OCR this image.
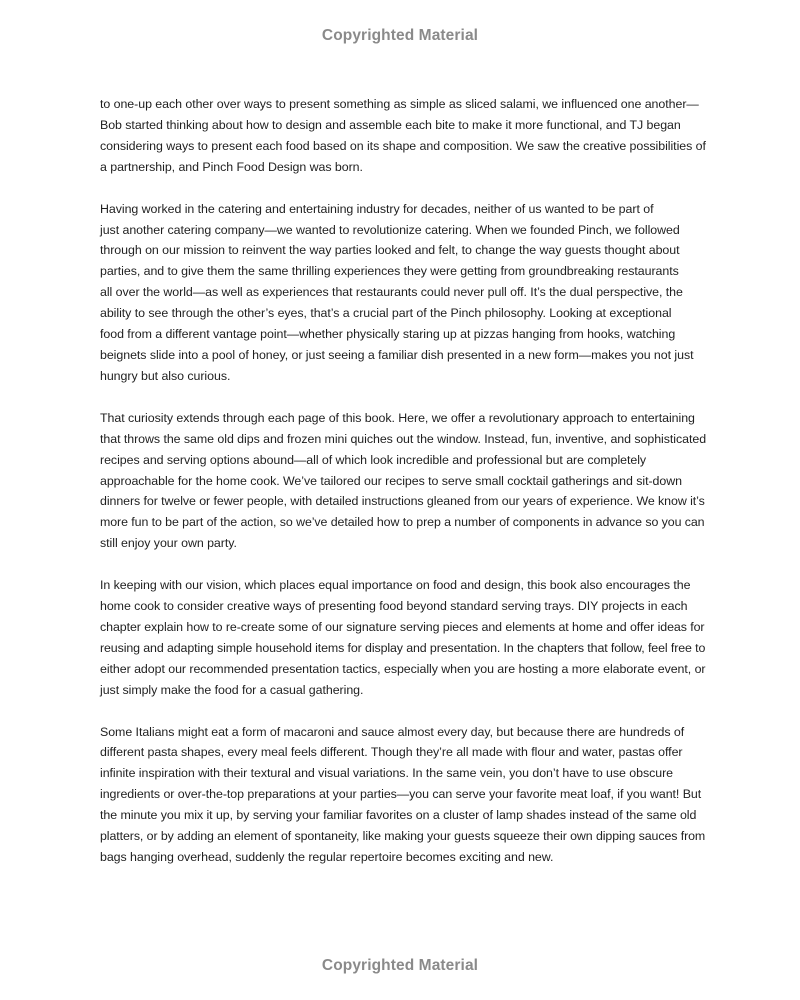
Copyrighted Material

to one-up each other over ways to present something as simple as sliced salami, we influenced one another—
Bob started thinking about how to design and assemble each bite to make it more functional, and TJ began
considering ways to present each food based on its shape and composition. We saw the creative possibilities of
a partnership, and Pinch Food Design was born.

Having worked in the catering and entertaining industry for decades, neither of us wanted to be part of
just another catering company—we wanted to revolutionize catering. When we founded Pinch, we followed
through on our mission to reinvent the way parties looked and felt, to change the way guests thought about
parties, and to give them the same thrilling experiences they were getting from groundbreaking restaurants
all over the world—as well as experiences that restaurants could never pull off. It’s the dual perspective, the
ability to see through the other’s eyes, that’s a crucial part of the Pinch philosophy. Looking at exceptional
food from a different vantage point—whether physically staring up at pizzas hanging from hooks, watching
beignets slide into a pool of honey, or just seeing a familiar dish presented in a new form—makes you not just
hungry but also curious.

That curiosity extends through each page of this book. Here, we offer a revolutionary approach to entertaining
that throws the same old dips and frozen mini quiches out the window. Instead, fun, inventive, and sophisticated
recipes and serving options abound—all of which look incredible and professional but are completely
approachable for the home cook. We’ve tailored our recipes to serve small cocktail gatherings and sit-down
dinners for twelve or fewer people, with detailed instructions gleaned from our years of experience. We know it’s
more fun to be part of the action, so we’ve detailed how to prep a number of components in advance so you can
still enjoy your own party.

In keeping with our vision, which places equal importance on food and design, this book also encourages the
home cook to consider creative ways of presenting food beyond standard serving trays. DIY projects in each
chapter explain how to re-create some of our signature serving pieces and elements at home and offer ideas for
reusing and adapting simple household items for display and presentation. In the chapters that follow, feel free to
either adopt our recommended presentation tactics, especially when you are hosting a more elaborate event, or
just simply make the food for a casual gathering.

Some Italians might eat a form of macaroni and sauce almost every day, but because there are hundreds of
different pasta shapes, every meal feels different. Though they’re all made with flour and water, pastas offer
infinite inspiration with their textural and visual variations. In the same vein, you don’t have to use obscure
ingredients or over-the-top preparations at your parties—you can serve your favorite meat loaf, if you want! But
the minute you mix it up, by serving your familiar favorites on a cluster of lamp shades instead of the same old
platters, or by adding an element of spontaneity, like making your guests squeeze their own dipping sauces from
bags hanging overhead, suddenly the regular repertoire becomes exciting and new.

Copyrighted Material
